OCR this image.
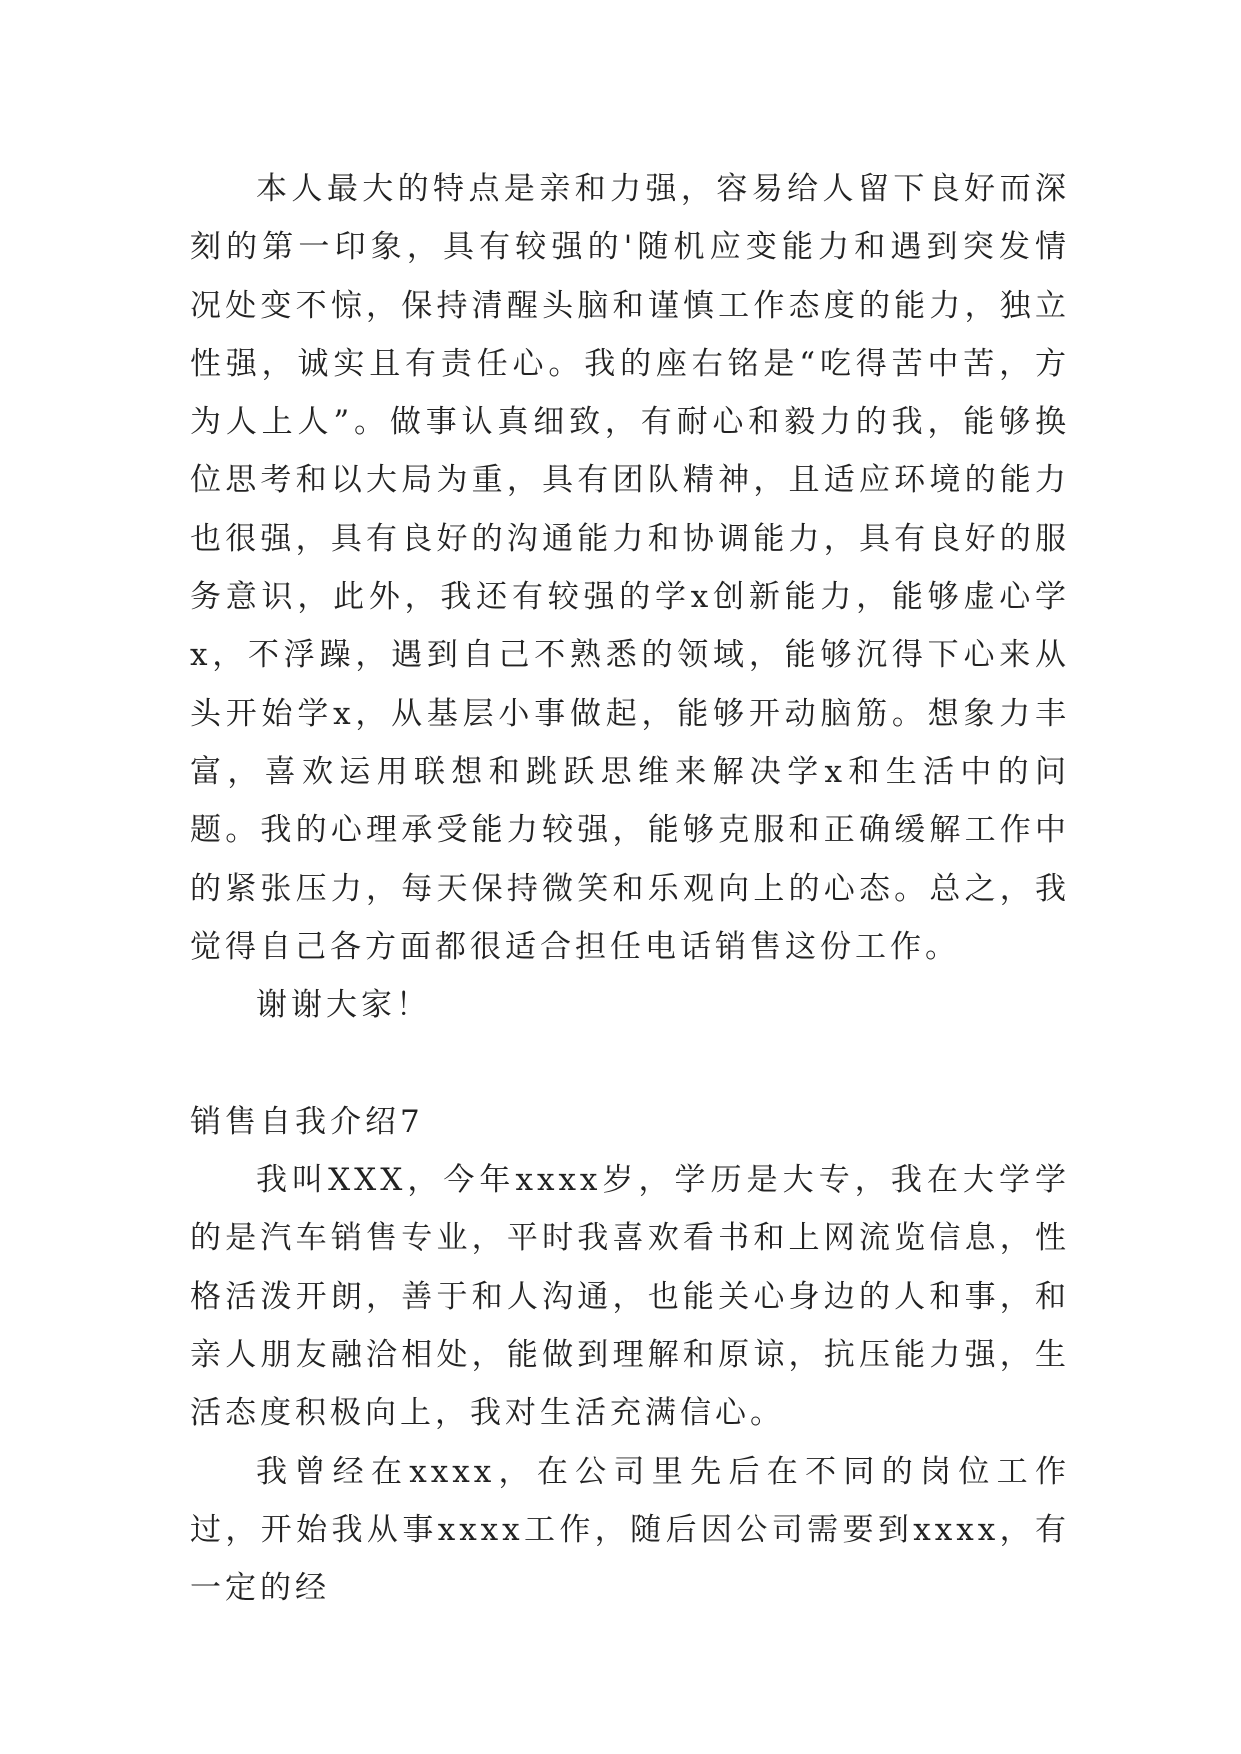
本人最大的特点是亲和力强，容易给人留下良好而深刻的第一印象，具有较强的'随机应变能力和遇到突发情况处变不惊，保持清醒头脑和谨慎工作态度的能力，独立性强，诚实且有责任心。我的座右铭是“吃得苦中苦，方为人上人”。做事认真细致，有耐心和毅力的我，能够换位思考和以大局为重，具有团队精神，且适应环境的能力也很强，具有良好的沟通能力和协调能力，具有良好的服务意识，此外，我还有较强的学x创新能力，能够虚心学x，不浮躁，遇到自己不熟悉的领域，能够沉得下心来从头开始学x，从基层小事做起，能够开动脑筋。想象力丰富，喜欢运用联想和跳跃思维来解决学x和生活中的问题。我的心理承受能力较强，能够克服和正确缓解工作中的紧张压力，每天保持微笑和乐观向上的心态。总之，我觉得自己各方面都很适合担任电话销售这份工作。

谢谢大家！

销售自我介绍7

我叫XXX，今年xxxx岁，学历是大专，我在大学学的是汽车销售专业，平时我喜欢看书和上网流览信息，性格活泼开朗，善于和人沟通，也能关心身边的人和事，和亲人朋友融洽相处，能做到理解和原谅，抗压能力强，生活态度积极向上，我对生活充满信心。

我曾经在xxxx，在公司里先后在不同的岗位工作过，开始我从事xxxx工作，随后因公司需要到xxxx，有一定的经
